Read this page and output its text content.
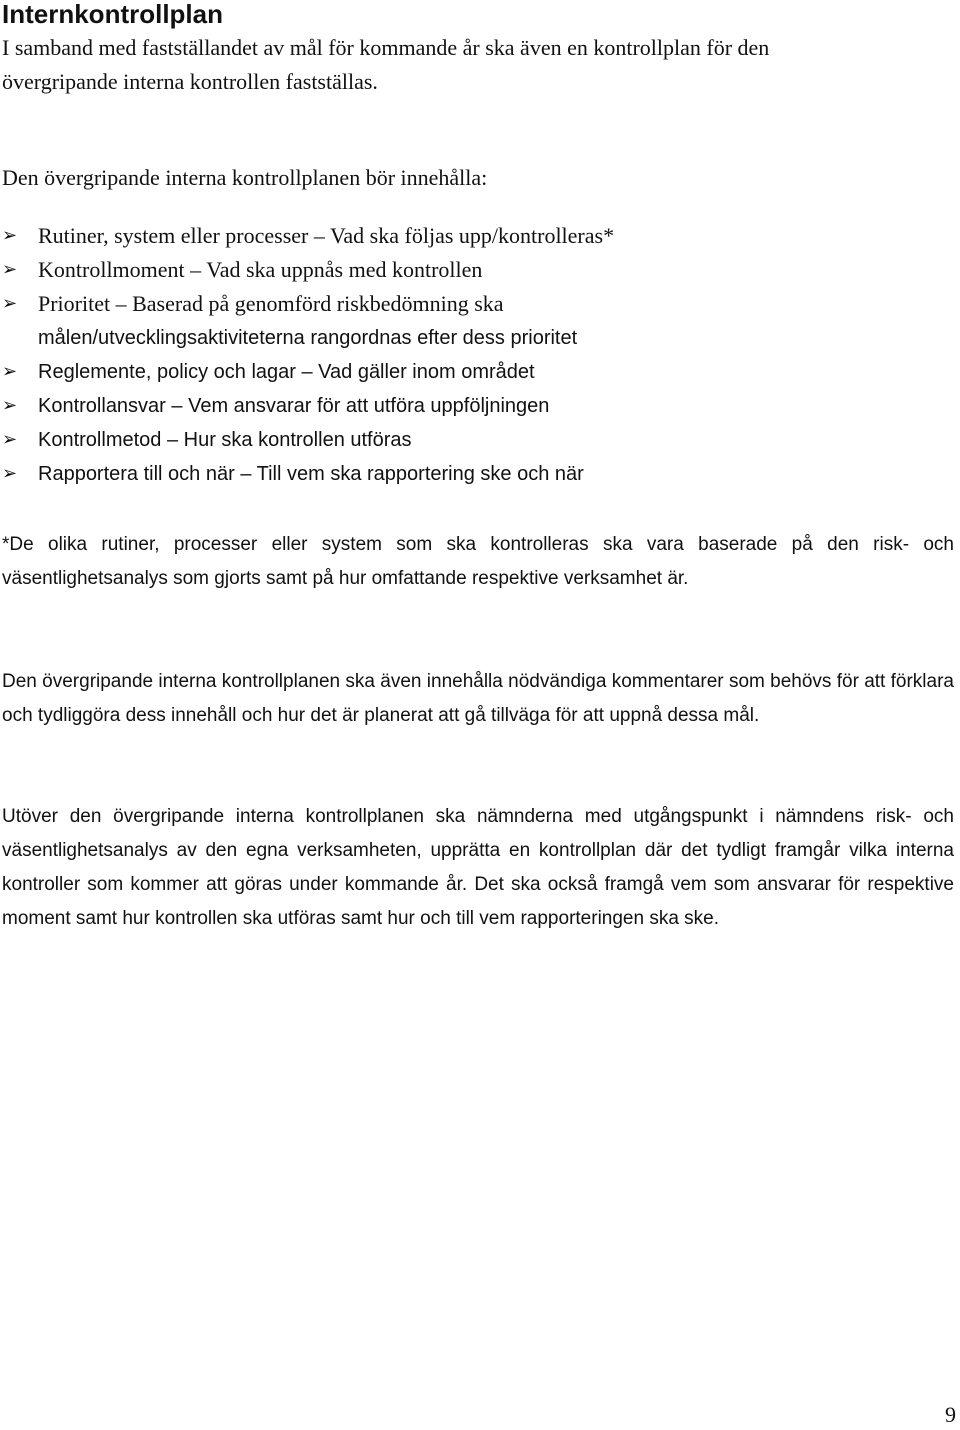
Internkontrollplan

I samband med fastställandet av mål för kommande år ska även en kontrollplan för den
övergripande interna kontrollen fastställas.

Den övergripande interna kontrollplanen bör innehålla:

➢ Rutiner, system eller processer – Vad ska följas upp/kontrolleras*
➢ Kontrollmoment – Vad ska uppnås med kontrollen
➢ Prioritet – Baserad på genomförd riskbedömning ska
målen/utvecklingsaktiviteterna rangordnas efter dess prioritet
➢ Reglemente, policy och lagar – Vad gäller inom området
➢ Kontrollansvar – Vem ansvarar för att utföra uppföljningen
➢ Kontrollmetod – Hur ska kontrollen utföras
➢ Rapportera till och när – Till vem ska rapportering ske och när

*De olika rutiner, processer eller system som ska kontrolleras ska vara baserade på den risk- och väsentlighetsanalys som gjorts samt på hur omfattande respektive verksamhet är.

Den övergripande interna kontrollplanen ska även innehålla nödvändiga kommentarer som behövs för att förklara och tydliggöra dess innehåll och hur det är planerat att gå tillväga för att uppnå dessa mål.

Utöver den övergripande interna kontrollplanen ska nämnderna med utgångspunkt i nämndens risk- och väsentlighetsanalys av den egna verksamheten, upprätta en kontrollplan där det tydligt framgår vilka interna kontroller som kommer att göras under kommande år. Det ska också framgå vem som ansvarar för respektive moment samt hur kontrollen ska utföras samt hur och till vem rapporteringen ska ske.

9
